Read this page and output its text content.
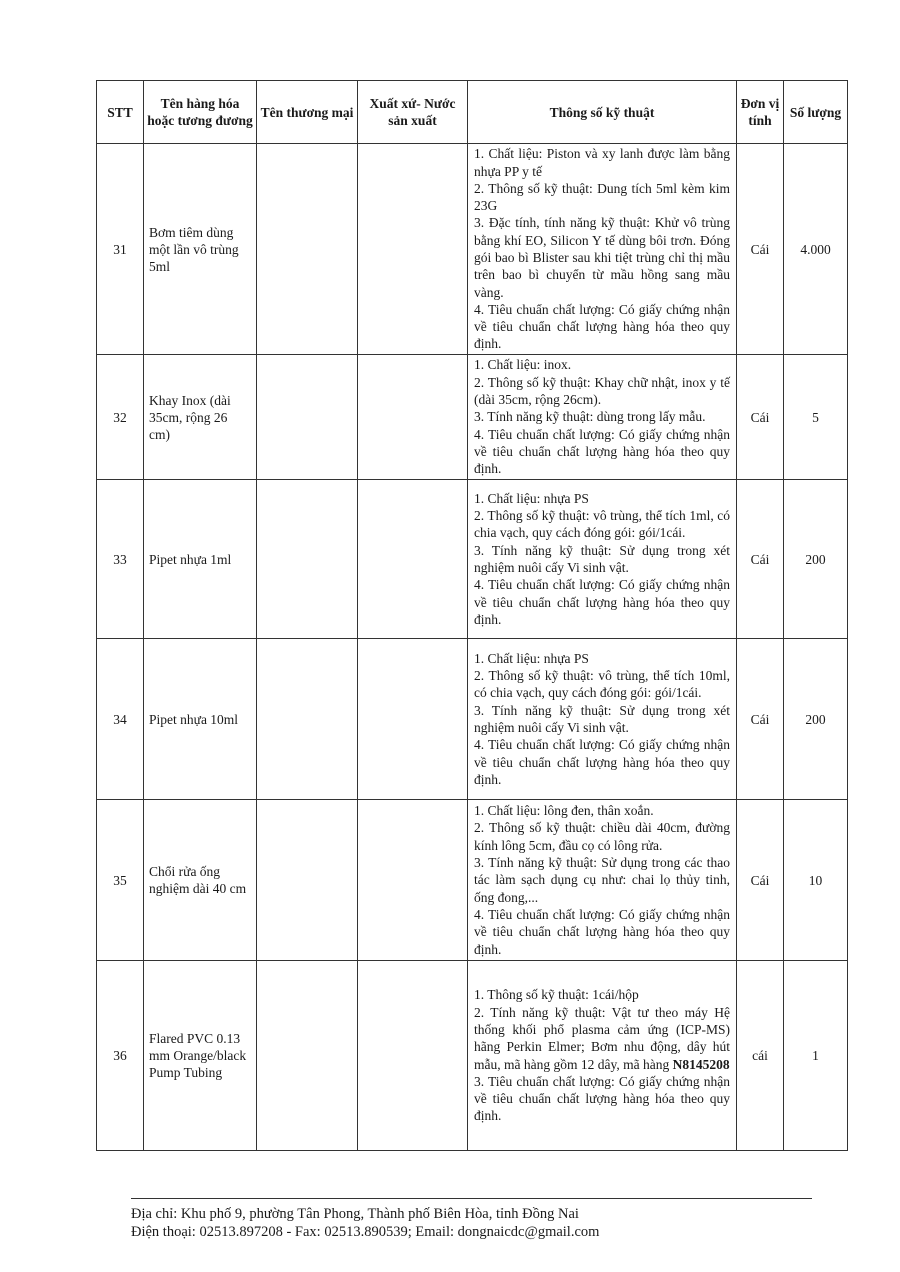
STT	Tên hàng hóa hoặc tương đương	Tên thương mại	Xuất xứ- Nước sản xuất	Thông số kỹ thuật	Đơn vị tính	Số lượng
31	Bơm tiêm dùng một lần vô trùng 5ml			1. Chất liệu: Piston và xy lanh được làm bằng nhựa PP y tế
2. Thông số kỹ thuật: Dung tích 5ml kèm kim 23G
3. Đặc tính, tính năng kỹ thuật: Khử vô trùng bằng khí EO, Silicon Y tế dùng bôi trơn. Đóng gói bao bì Blister sau khi tiệt trùng chỉ thị mầu trên bao bì chuyển từ mầu hồng sang mầu vàng.
4. Tiêu chuẩn chất lượng: Có giấy chứng nhận về tiêu chuẩn chất lượng hàng hóa theo quy định.	Cái	4.000
32	Khay Inox (dài 35cm, rộng 26 cm)			1. Chất liệu: inox.
2. Thông số kỹ thuật: Khay chữ nhật, inox y tế (dài 35cm, rộng 26cm).
3. Tính năng kỹ thuật: dùng trong lấy mẫu.
4. Tiêu chuẩn chất lượng: Có giấy chứng nhận về tiêu chuẩn chất lượng hàng hóa theo quy định.	Cái	5
33	Pipet nhựa 1ml			1. Chất liệu: nhựa PS
2. Thông số kỹ thuật: vô trùng, thể tích 1ml, có chia vạch, quy cách đóng gói: gói/1cái.
3. Tính năng kỹ thuật: Sử dụng trong xét nghiệm nuôi cấy Vi sinh vật.
4. Tiêu chuẩn chất lượng: Có giấy chứng nhận về tiêu chuẩn chất lượng hàng hóa theo quy định.	Cái	200
34	Pipet nhựa 10ml			1. Chất liệu: nhựa PS
2. Thông số kỹ thuật: vô trùng, thể tích 10ml, có chia vạch, quy cách đóng gói: gói/1cái.
3. Tính năng kỹ thuật: Sử dụng trong xét nghiệm nuôi cấy Vi sinh vật.
4. Tiêu chuẩn chất lượng: Có giấy chứng nhận về tiêu chuẩn chất lượng hàng hóa theo quy định.	Cái	200
35	Chổi rửa ống nghiệm dài 40 cm			1. Chất liệu: lông đen, thân xoắn.
2. Thông số kỹ thuật: chiều dài 40cm, đường kính lông 5cm, đầu cọ có lông rửa.
3. Tính năng kỹ thuật: Sử dụng trong các thao tác làm sạch dụng cụ như: chai lọ thủy tinh, ống đong,...
4. Tiêu chuẩn chất lượng: Có giấy chứng nhận về tiêu chuẩn chất lượng hàng hóa theo quy định.	Cái	10
36	Flared PVC 0.13 mm Orange/black Pump Tubing			1. Thông số kỹ thuật: 1cái/hộp
2. Tính năng kỹ thuật: Vật tư theo máy Hệ thống khối phổ plasma cảm ứng (ICP-MS) hãng Perkin Elmer; Bơm nhu động, dây hút mẫu, mã hàng gồm 12 dây, mã hàng N8145208
3. Tiêu chuẩn chất lượng: Có giấy chứng nhận về tiêu chuẩn chất lượng hàng hóa theo quy định.	cái	1
Địa chỉ: Khu phố 9, phường Tân Phong, Thành phố Biên Hòa, tỉnh Đồng Nai
Điện thoại: 02513.897208 - Fax: 02513.890539; Email: dongnaicdc@gmail.com
